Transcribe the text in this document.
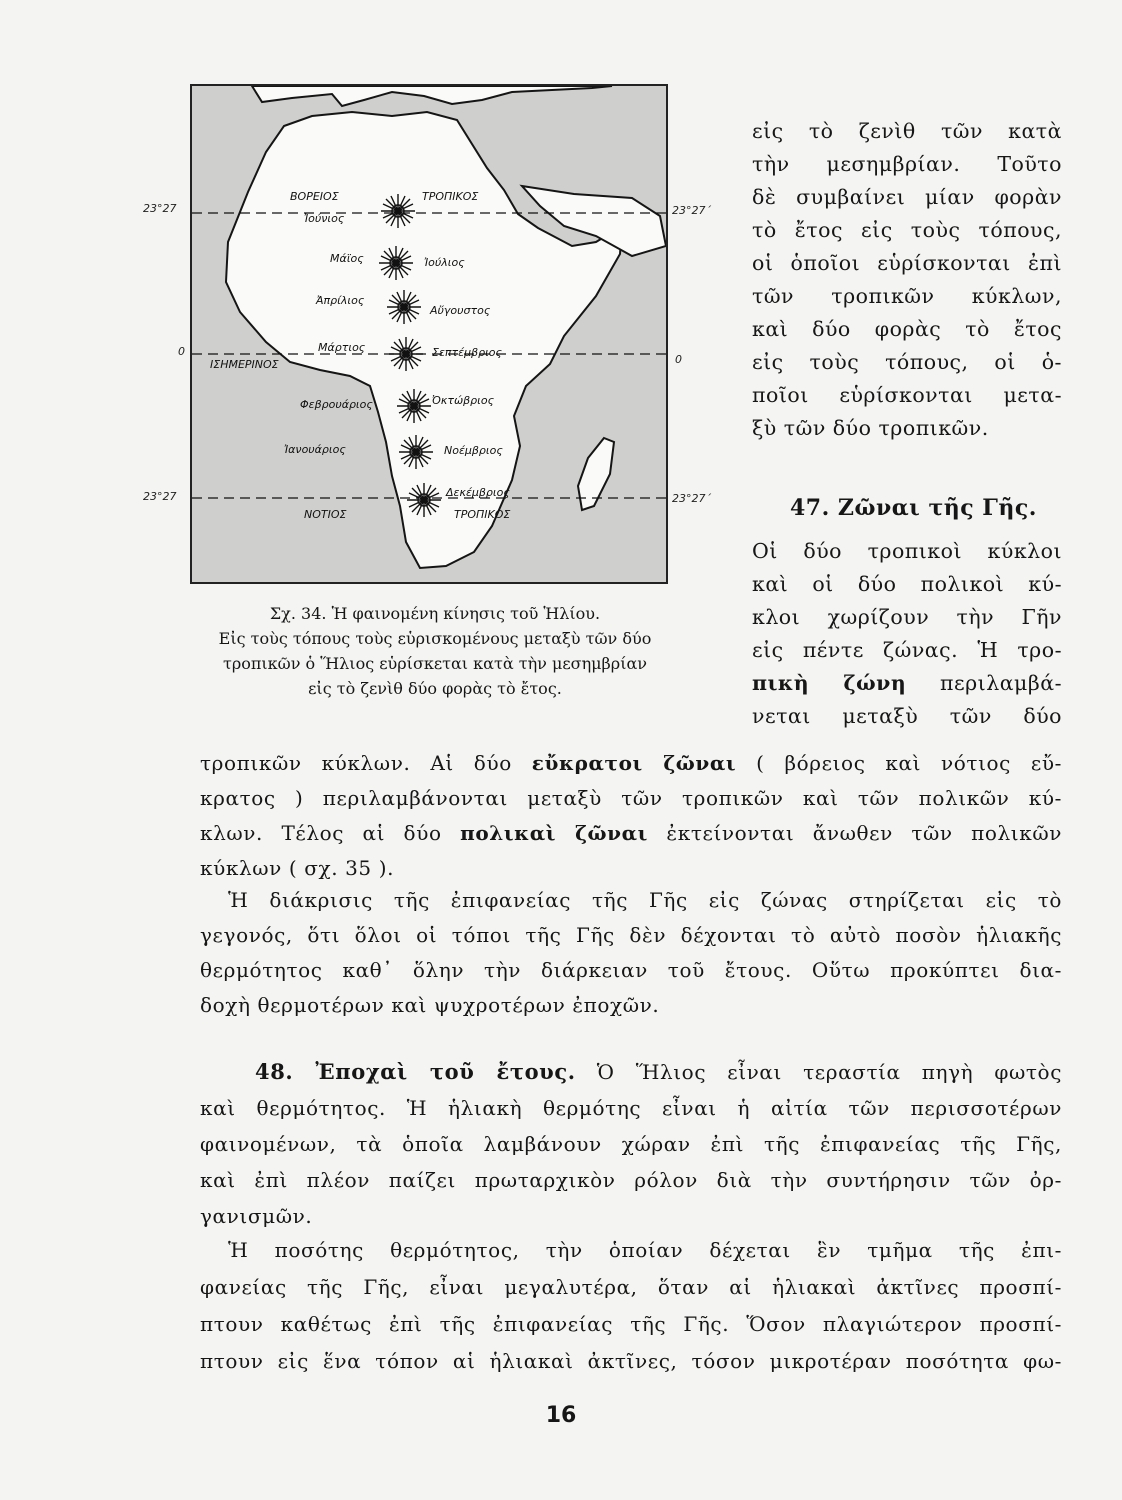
ΒΟΡΕΙΟΣ	ΤΡΟΠΙΚΟΣ
Ἰούνιος
Μάϊος	Ἰούλιος
Ἀπρίλιος
Αὔγουστος
Μάρτιος	Σεπτέμβριος
ΙΣΗΜΕΡΙΝΟΣ
Φεβρουάριος	Ὀκτώβριος
Ἰανουάριος	Νοέμβριος
Δεκέμβριος
ΝΟΤΙΟΣ	ΤΡΟΠΙΚΟΣ
23°27	23°27´
0
0
23°27	23°27´
Σχ. 34. Ἡ φαινομένη κίνησις τοῦ Ἡλίου.
Εἰς τοὺς τόπους τοὺς εὑρισκομένους μεταξὺ τῶν δύο
τροπικῶν ὁ Ἥλιος εὑρίσκεται κατὰ τὴν μεσημβρίαν
εἰς τὸ ζενὶθ δύο φορὰς τὸ ἔτος.
εἰς τὸ ζενὶθ τῶν κατὰ
τὴν μεσημβρίαν. Τοῦτο
δὲ συμβαίνει μίαν φορὰν
τὸ ἔτος εἰς τοὺς τόπους,
οἱ ὁποῖοι εὑρίσκονται ἐπὶ
τῶν τροπικῶν κύκλων,
καὶ δύο φορὰς τὸ ἔτος
εἰς τοὺς τόπους, οἱ ὁ-
ποῖοι εὑρίσκονται μετα-
ξὺ τῶν δύο τροπικῶν.
47. Ζῶναι τῆς Γῆς.
Οἱ δύο τροπικοὶ κύκλοι
καὶ οἱ δύο πολικοὶ κύ-
κλοι χωρίζουν τὴν Γῆν
εἰς πέντε ζώνας. Ἡ τρο-
πικὴ ζώνη περιλαμβά-
νεται μεταξὺ τῶν δύο
τροπικῶν κύκλων. Αἱ δύο εὔκρατοι ζῶναι ( βόρειος καὶ νότιος εὔ-
κρατος ) περιλαμβάνονται μεταξὺ τῶν τροπικῶν καὶ τῶν πολικῶν κύ-
κλων. Τέλος αἱ δύο πολικαὶ ζῶναι ἐκτείνονται ἄνωθεν τῶν πολικῶν
κύκλων ( σχ. 35 ).
Ἡ διάκρισις τῆς ἐπιφανείας τῆς Γῆς εἰς ζώνας στηρίζεται εἰς τὸ
γεγονός, ὅτι ὅλοι οἱ τόποι τῆς Γῆς δὲν δέχονται τὸ αὐτὸ ποσὸν ἡλιακῆς
θερμότητος καθ᾽ ὅλην τὴν διάρκειαν τοῦ ἔτους. Οὕτω προκύπτει δια-
δοχὴ θερμοτέρων καὶ ψυχροτέρων ἐποχῶν.
48. Ἐποχαὶ τοῦ ἔτους. Ὁ Ἥλιος εἶναι τεραστία πηγὴ φωτὸς
καὶ θερμότητος. Ἡ ἡλιακὴ θερμότης εἶναι ἡ αἰτία τῶν περισσοτέρων
φαινομένων, τὰ ὁποῖα λαμβάνουν χώραν ἐπὶ τῆς ἐπιφανείας τῆς Γῆς,
καὶ ἐπὶ πλέον παίζει πρωταρχικὸν ρόλον διὰ τὴν συντήρησιν τῶν ὀρ-
γανισμῶν.
Ἡ ποσότης θερμότητος, τὴν ὁποίαν δέχεται ἓν τμῆμα τῆς ἐπι-
φανείας τῆς Γῆς, εἶναι μεγαλυτέρα, ὅταν αἱ ἡλιακαὶ ἀκτῖνες προσπί-
πτουν καθέτως ἐπὶ τῆς ἐπιφανείας τῆς Γῆς. Ὅσον πλαγιώτερον προσπί-
πτουν εἰς ἕνα τόπον αἱ ἡλιακαὶ ἀκτῖνες, τόσον μικροτέραν ποσότητα φω-
16
